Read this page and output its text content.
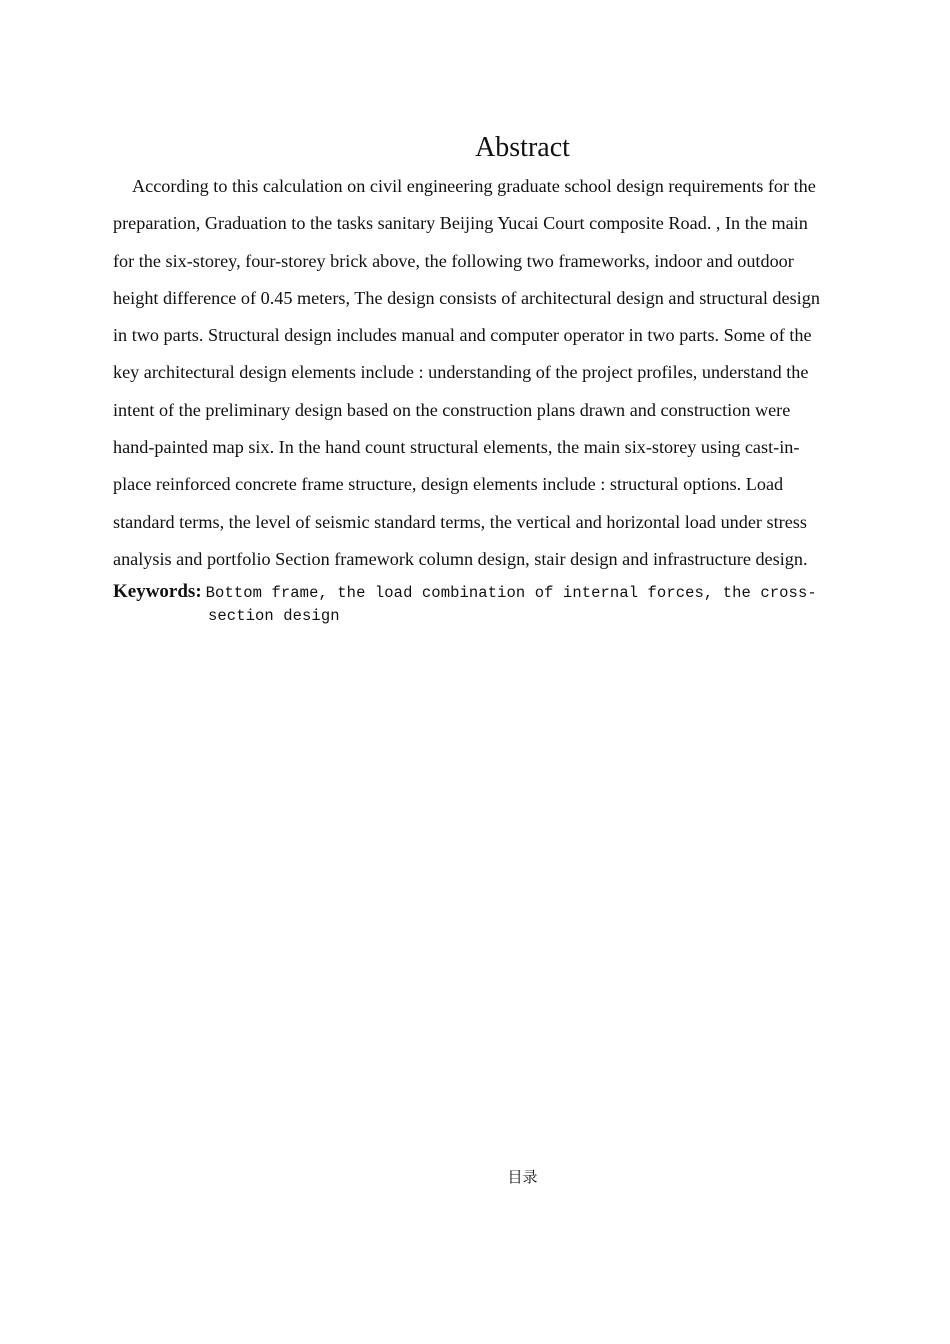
Abstract
According to this calculation on civil engineering graduate school design requirements for the
preparation, Graduation to the tasks sanitary Beijing Yucai Court composite Road. , In the main
for the six-storey, four-storey brick above, the following two frameworks, indoor and outdoor
height difference of 0.45 meters, The design consists of architectural design and structural design
in two parts. Structural design includes manual and computer operator in two parts. Some of the
key architectural design elements include : understanding of the project profiles, understand the
intent of the preliminary design based on the construction plans drawn and construction were
hand-painted map six. In the hand count structural elements, the main six-storey using cast-in-
place reinforced concrete frame structure, design elements include : structural options. Load
standard terms, the level of seismic standard terms, the vertical and horizontal load under stress
analysis and portfolio Section framework column design, stair design and infrastructure design.
Keywords: Bottom frame, the load combination of internal forces, the cross-
section design
目录
